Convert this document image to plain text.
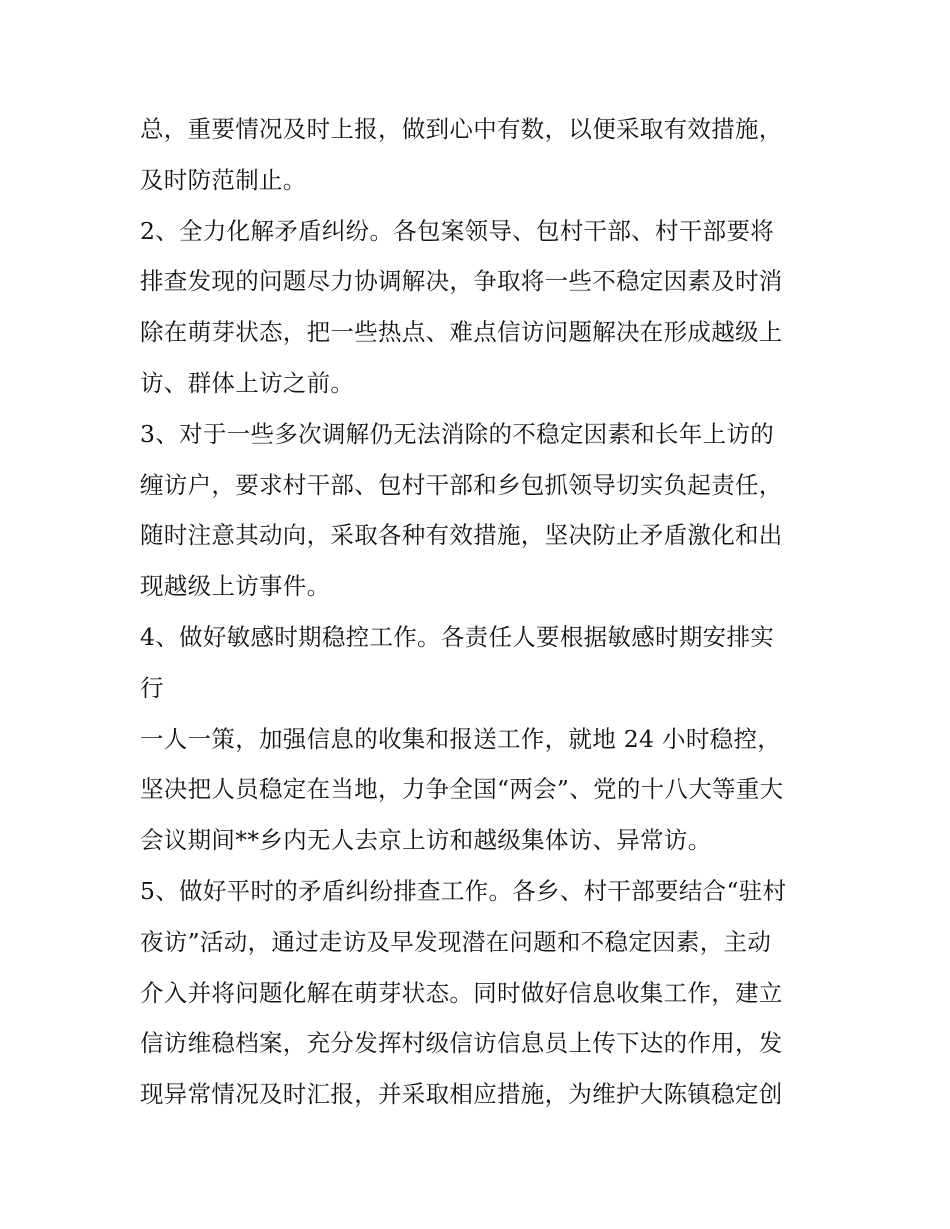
总，重要情况及时上报，做到心中有数，以便采取有效措施，
及时防范制止。
2、全力化解矛盾纠纷。各包案领导、包村干部、村干部要将
排查发现的问题尽力协调解决，争取将一些不稳定因素及时消
除在萌芽状态，把一些热点、难点信访问题解决在形成越级上
访、群体上访之前。
3、对于一些多次调解仍无法消除的不稳定因素和长年上访的
缠访户，要求村干部、包村干部和乡包抓领导切实负起责任，
随时注意其动向，采取各种有效措施，坚决防止矛盾激化和出
现越级上访事件。
4、做好敏感时期稳控工作。各责任人要根据敏感时期安排实
行
一人一策，加强信息的收集和报送工作，就地 24 小时稳控，
坚决把人员稳定在当地，力争全国“两会”、党的十八大等重大
会议期间**乡内无人去京上访和越级集体访、异常访。
5、做好平时的矛盾纠纷排查工作。各乡、村干部要结合“驻村
夜访”活动，通过走访及早发现潜在问题和不稳定因素，主动
介入并将问题化解在萌芽状态。同时做好信息收集工作，建立
信访维稳档案，充分发挥村级信访信息员上传下达的作用，发
现异常情况及时汇报，并采取相应措施，为维护大陈镇稳定创
